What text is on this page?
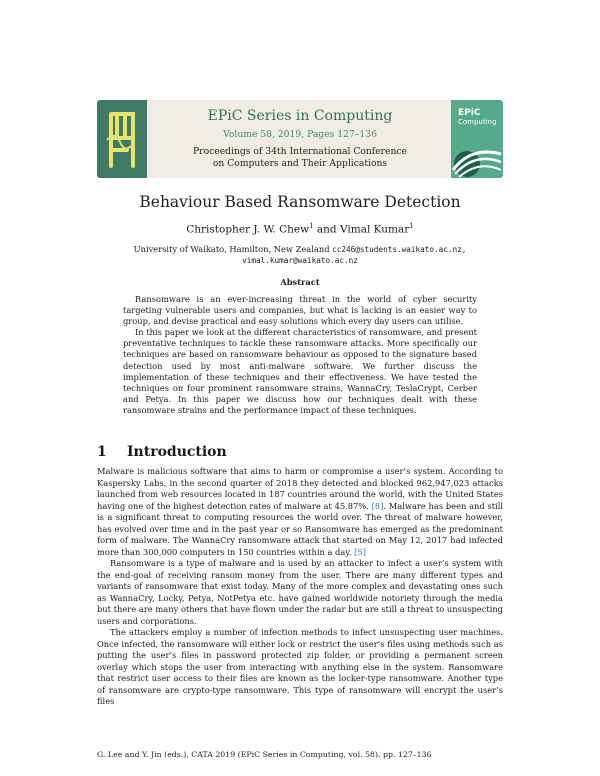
EPiC
Computing
EPiC Series in Computing
Volume 58, 2019, Pages 127–136
Proceedings of 34th International Conference
on Computers and Their Applications
Behaviour Based Ransomware Detection
Christopher J. W. Chew$^1$ and Vimal Kumar$^1$
University of Waikato, Hamilton, New Zealand cc246@students.waikato.ac.nz,
vimal.kumar@waikato.ac.nz
Abstract

Ransomware is an ever-increasing threat in the world of cyber security targeting vulnerable users and companies, but what is lacking is an easier way to group, and devise practical and easy solutions which every day users can utilise.

In this paper we look at the different characteristics of ransomware, and present preventative techniques to tackle these ransomware attacks. More specifically our techniques are based on ransomware behaviour as opposed to the signature based detection used by most anti-malware software. We further discuss the implementation of these techniques and their effectiveness. We have tested the techniques on four prominent ransomware strains, WannaCry, TeslaCrypt, Cerber and Petya. In this paper we discuss how our techniques dealt with these ransomware strains and the performance impact of these techniques.

1 Introduction

Malware is malicious software that aims to harm or compromise a user’s system. According to Kaspersky Labs, in the second quarter of 2018 they detected and blocked 962,947,023 attacks launched from web resources located in 187 countries around the world, with the United States having one of the highest detection rates of malware at 45.87%. [8]. Malware has been and still is a significant threat to computing resources the world over. The threat of malware however, has evolved over time and in the past year or so Ransomware has emerged as the predominant form of malware. The WannaCry ransomware attack that started on May 12, 2017 had infected more than 300,000 computers in 150 countries within a day. [5]

Ransomware is a type of malware and is used by an attacker to infect a user’s system with the end-goal of receiving ransom money from the user. There are many different types and variants of ransomware that exist today. Many of the more complex and devastating ones such as WannaCry, Locky, Petya, NotPetya etc. have gained worldwide notoriety through the media but there are many others that have flown under the radar but are still a threat to unsuspecting users and corporations.

The attackers employ a number of infection methods to infect unsuspecting user machines. Once infected, the ransomware will either lock or restrict the user’s files using methods such as putting the user’s files in password protected zip folder, or providing a permanent screen overlay which stops the user from interacting with anything else in the system. Ransomware that restrict user access to their files are known as the locker-type ransomware. Another type of ransomware are crypto-type ransomware. This type of ransomware will encrypt the user’s files

G. Lee and Y. Jin (eds.), CATA 2019 (EPiC Series in Computing, vol. 58), pp. 127–136
